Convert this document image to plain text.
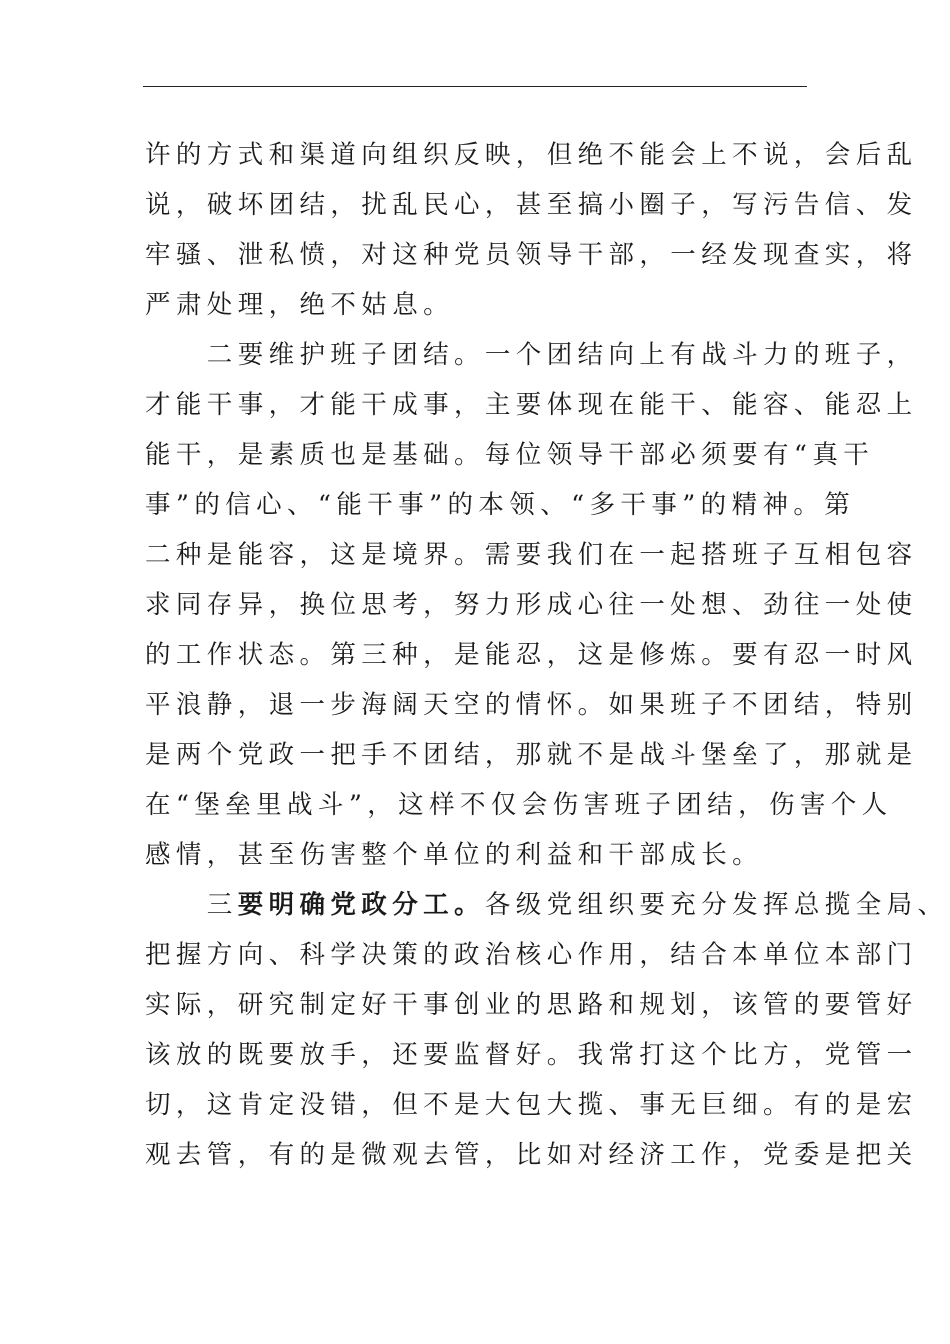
许的方式和渠道向组织反映，但绝不能会上不说，会后乱
说，破坏团结，扰乱民心，甚至搞小圈子，写污告信、发
牢骚、泄私愤，对这种党员领导干部，一经发现查实，将
严肃处理，绝不姑息。
　　二要维护班子团结。一个团结向上有战斗力的班子，
才能干事，才能干成事，主要体现在能干、能容、能忍上
能干，是素质也是基础。每位领导干部必须要有“真干
事”的信心、“能干事”的本领、“多干事”的精神。第
二种是能容，这是境界。需要我们在一起搭班子互相包容
求同存异，换位思考，努力形成心往一处想、劲往一处使
的工作状态。第三种，是能忍，这是修炼。要有忍一时风
平浪静，退一步海阔天空的情怀。如果班子不团结，特别
是两个党政一把手不团结，那就不是战斗堡垒了，那就是
在“堡垒里战斗”，这样不仅会伤害班子团结，伤害个人
感情，甚至伤害整个单位的利益和干部成长。
　　三要明确党政分工。各级党组织要充分发挥总揽全局、
把握方向、科学决策的政治核心作用，结合本单位本部门
实际，研究制定好干事创业的思路和规划，该管的要管好
该放的既要放手，还要监督好。我常打这个比方，党管一
切，这肯定没错，但不是大包大揽、事无巨细。有的是宏
观去管，有的是微观去管，比如对经济工作，党委是把关
